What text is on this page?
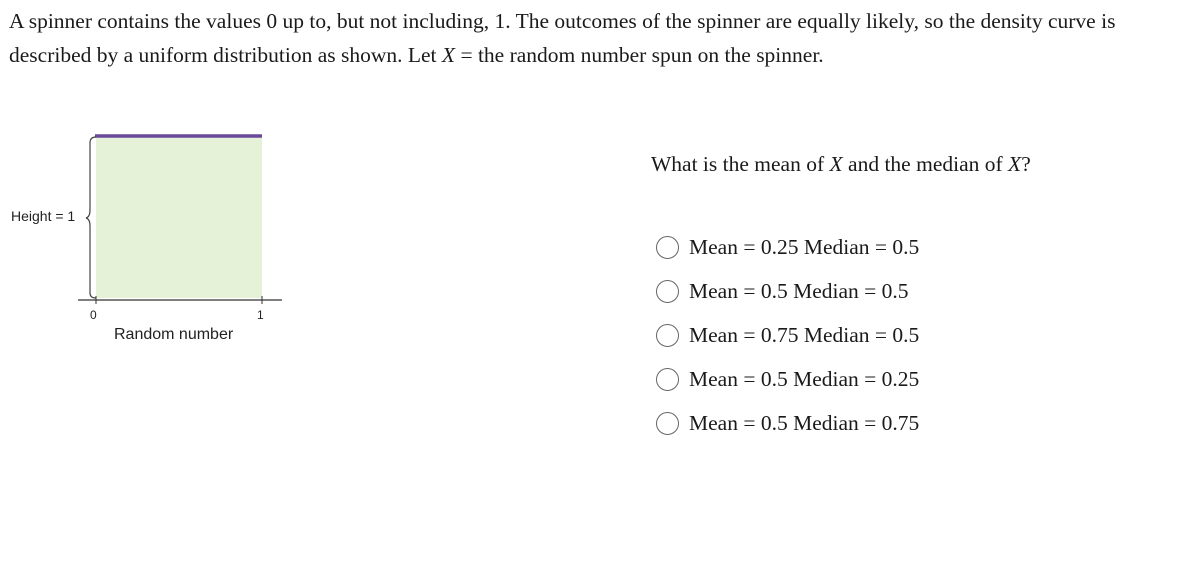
A spinner contains the values 0 up to, but not including, 1. The outcomes of the spinner are equally likely, so the density curve is described by a uniform distribution as shown. Let X = the random number spun on the spinner.

Height = 1
0	1
Random number

What is the mean of X and the median of X?

Mean = 0.25 Median = 0.5
Mean = 0.5 Median = 0.5
Mean = 0.75 Median = 0.5
Mean = 0.5 Median = 0.25
Mean = 0.5 Median = 0.75
